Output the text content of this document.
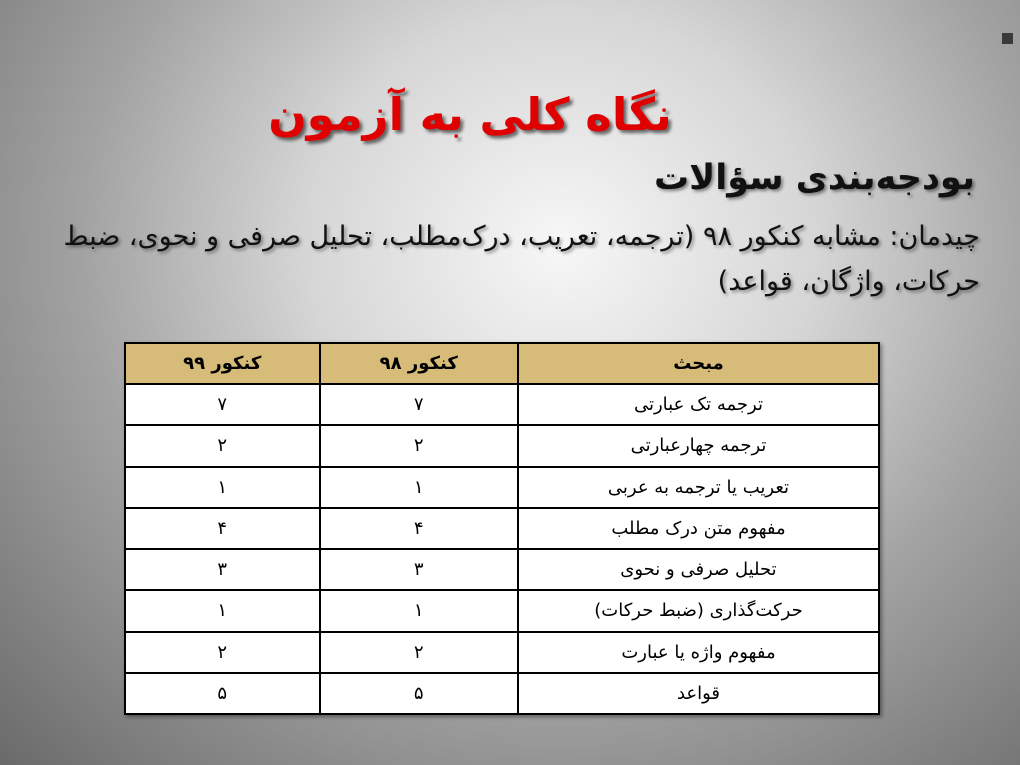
نگاه کلی به آزمون
بودجه‌بندی سؤالات
چیدمان: مشابه کنکور ۹۸ (ترجمه، تعریب، درک‌مطلب، تحلیل صرفی و نحوی، ضبط حرکات، واژگان، قواعد)
مبحث	کنکور ۹۸	کنکور ۹۹
ترجمه تک عبارتی	۷	۷
ترجمه چهارعبارتی	۲	۲
تعریب یا ترجمه به عربی	۱	۱
مفهوم متن درک مطلب	۴	۴
تحلیل صرفی و نحوی	۳	۳
حرکت‌گذاری (ضبط حرکات)	۱	۱
مفهوم واژه یا عبارت	۲	۲
قواعد	۵	۵
